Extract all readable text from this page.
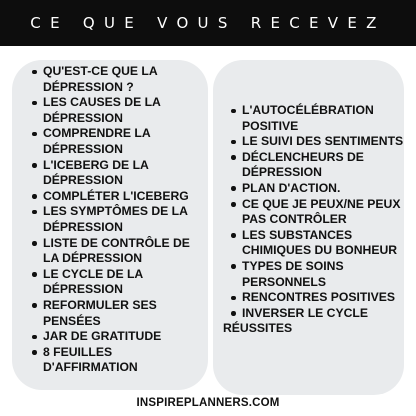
CE QUE VOUS RECEVEZ
QU'EST-CE QUE LA DÉPRESSION ?
LES CAUSES DE LA DÉPRESSION
COMPRENDRE LA DÉPRESSION
L'ICEBERG DE LA DÉPRESSION
COMPLÉTER L'ICEBERG
LES SYMPTÔMES DE LA DÉPRESSION
LISTE DE CONTRÔLE DE LA DÉPRESSION
LE CYCLE DE LA DÉPRESSION
REFORMULER SES PENSÉES
JAR DE GRATITUDE
8 FEUILLES D'AFFIRMATION
L'AUTOCÉLÉBRATION POSITIVE
LE SUIVI DES SENTIMENTS
DÉCLENCHEURS DE DÉPRESSION
PLAN D'ACTION.
CE QUE JE PEUX/NE PEUX PAS CONTRÔLER
LES SUBSTANCES CHIMIQUES DU BONHEUR
TYPES DE SOINS PERSONNELS
RENCONTRES POSITIVES
INVERSER LE CYCLE
RÉUSSITES
INSPIREPLANNERS.COM
